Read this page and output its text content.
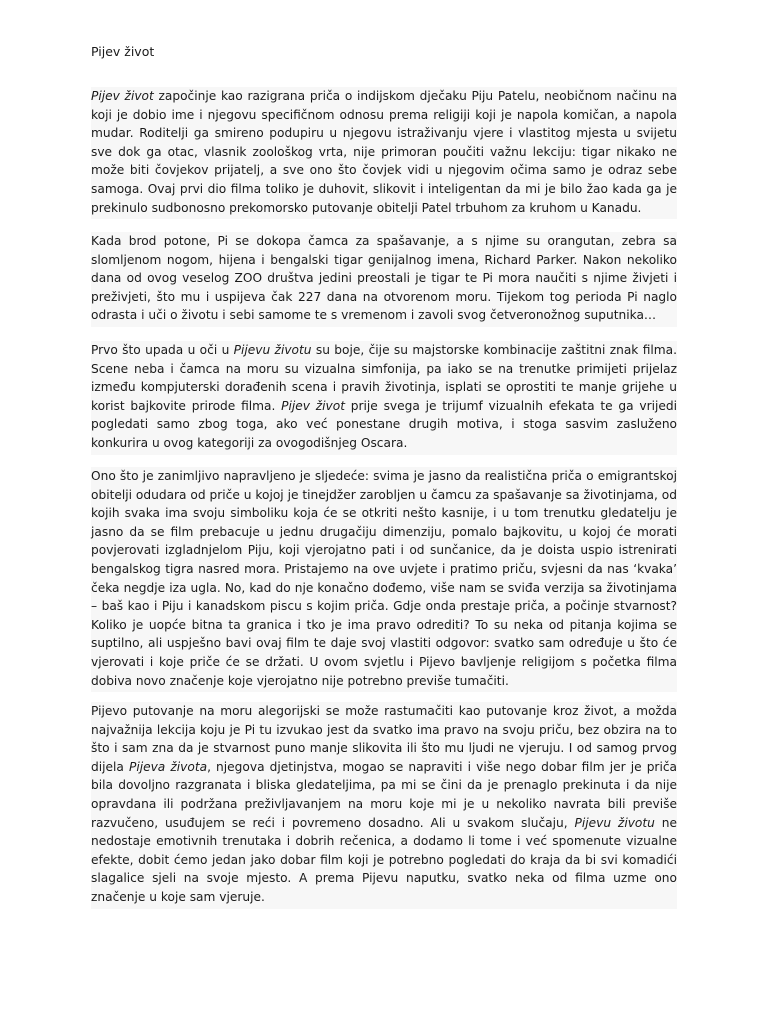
Pijev život

Pijev život započinje kao razigrana priča o indijskom dječaku Piju Patelu, neobičnom načinu na koji je dobio ime i njegovu specifičnom odnosu prema religiji koji je napola komičan, a napola mudar. Roditelji ga smireno podupiru u njegovu istraživanju vjere i vlastitog mjesta u svijetu sve dok ga otac, vlasnik zoološkog vrta, nije primoran poučiti važnu lekciju: tigar nikako ne može biti čovjekov prijatelj, a sve ono što čovjek vidi u njegovim očima samo je odraz sebe samoga. Ovaj prvi dio filma toliko je duhovit, slikovit i inteligentan da mi je bilo žao kada ga je prekinulo sudbonosno prekomorsko putovanje obitelji Patel trbuhom za kruhom u Kanadu.

Kada brod potone, Pi se dokopa čamca za spašavanje, a s njime su orangutan, zebra sa slomljenom nogom, hijena i bengalski tigar genijalnog imena, Richard Parker. Nakon nekoliko dana od ovog veselog ZOO društva jedini preostali je tigar te Pi mora naučiti s njime živjeti i preživjeti, što mu i uspijeva čak 227 dana na otvorenom moru. Tijekom tog perioda Pi naglo odrasta i uči o životu i sebi samome te s vremenom i zavoli svog četveronožnog suputnika…

Prvo što upada u oči u Pijevu životu su boje, čije su majstorske kombinacije zaštitni znak filma. Scene neba i čamca na moru su vizualna simfonija, pa iako se na trenutke primijeti prijelaz između kompjuterski dorađenih scena i pravih životinja, isplati se oprostiti te manje grijehe u korist bajkovite prirode filma. Pijev život prije svega je trijumf vizualnih efekata te ga vrijedi pogledati samo zbog toga, ako već ponestane drugih motiva, i stoga sasvim zasluženo konkurira u ovog kategoriji za ovogodišnjeg Oscara.

Ono što je zanimljivo napravljeno je sljedeće: svima je jasno da realistična priča o emigrantskoj obitelji odudara od priče u kojoj je tinejdžer zarobljen u čamcu za spašavanje sa životinjama, od kojih svaka ima svoju simboliku koja će se otkriti nešto kasnije, i u tom trenutku gledatelju je jasno da se film prebacuje u jednu drugačiju dimenziju, pomalo bajkovitu, u kojoj će morati povjerovati izgladnjelom Piju, koji vjerojatno pati i od sunčanice, da je doista uspio istrenirati bengalskog tigra nasred mora. Pristajemo na ove uvjete i pratimo priču, svjesni da nas ‘kvaka’ čeka negdje iza ugla. No, kad do nje konačno dođemo, više nam se sviđa verzija sa životinjama – baš kao i Piju i kanadskom piscu s kojim priča. Gdje onda prestaje priča, a počinje stvarnost? Koliko je uopće bitna ta granica i tko je ima pravo odrediti? To su neka od pitanja kojima se suptilno, ali uspješno bavi ovaj film te daje svoj vlastiti odgovor: svatko sam određuje u što će vjerovati i koje priče će se držati. U ovom svjetlu i Pijevo bavljenje religijom s početka filma dobiva novo značenje koje vjerojatno nije potrebno previše tumačiti.

Pijevo putovanje na moru alegorijski se može rastumačiti kao putovanje kroz život, a možda najvažnija lekcija koju je Pi tu izvukao jest da svatko ima pravo na svoju priču, bez obzira na to što i sam zna da je stvarnost puno manje slikovita ili što mu ljudi ne vjeruju. I od samog prvog dijela Pijeva života, njegova djetinjstva, mogao se napraviti i više nego dobar film jer je priča bila dovoljno razgranata i bliska gledateljima, pa mi se čini da je prenaglo prekinuta i da nije opravdana ili podržana preživljavanjem na moru koje mi je u nekoliko navrata bili previše razvučeno, usuđujem se reći i povremeno dosadno. Ali u svakom slučaju, Pijevu životu ne nedostaje emotivnih trenutaka i dobrih rečenica, a dodamo li tome i već spomenute vizualne efekte, dobit ćemo jedan jako dobar film koji je potrebno pogledati do kraja da bi svi komadići slagalice sjeli na svoje mjesto. A prema Pijevu naputku, svatko neka od filma uzme ono značenje u koje sam vjeruje.
